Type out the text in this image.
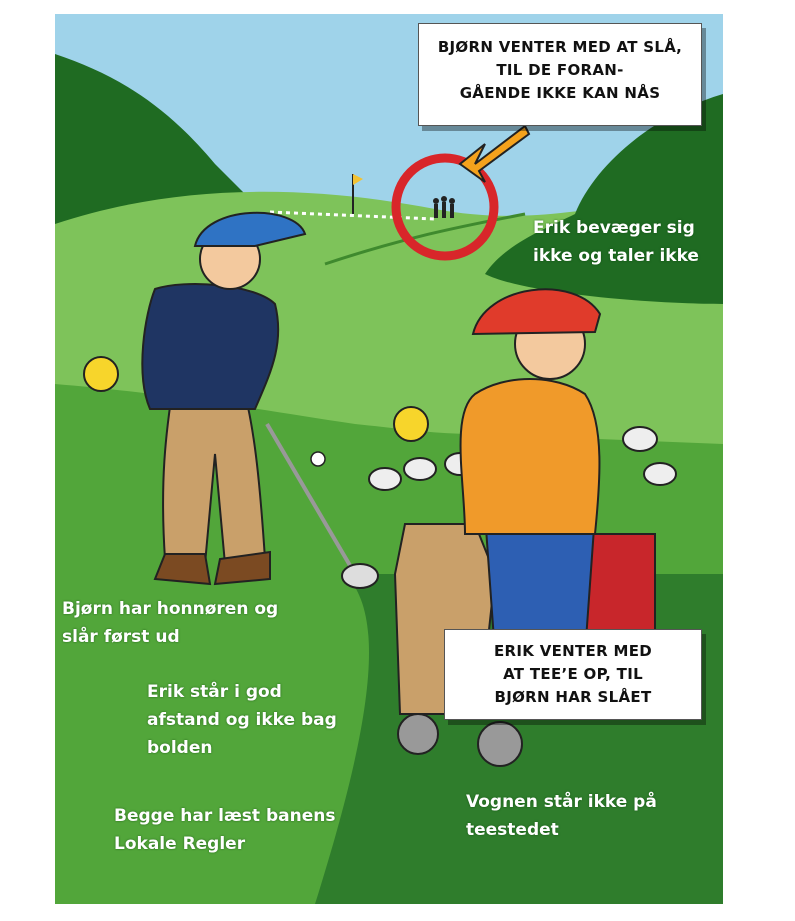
BJØRN VENTER MED AT SLÅ,
TIL DE FORAN-
GÅENDE IKKE KAN NÅS
ERIK VENTER MED
AT TEE’E OP, TIL
BJØRN HAR SLÅET
Erik bevæger sig
ikke og taler ikke
Bjørn har honnøren og
slår først ud
Erik står i god
afstand og ikke bag
bolden
Begge har læst banens
Lokale Regler
Vognen står ikke på
teestedet
